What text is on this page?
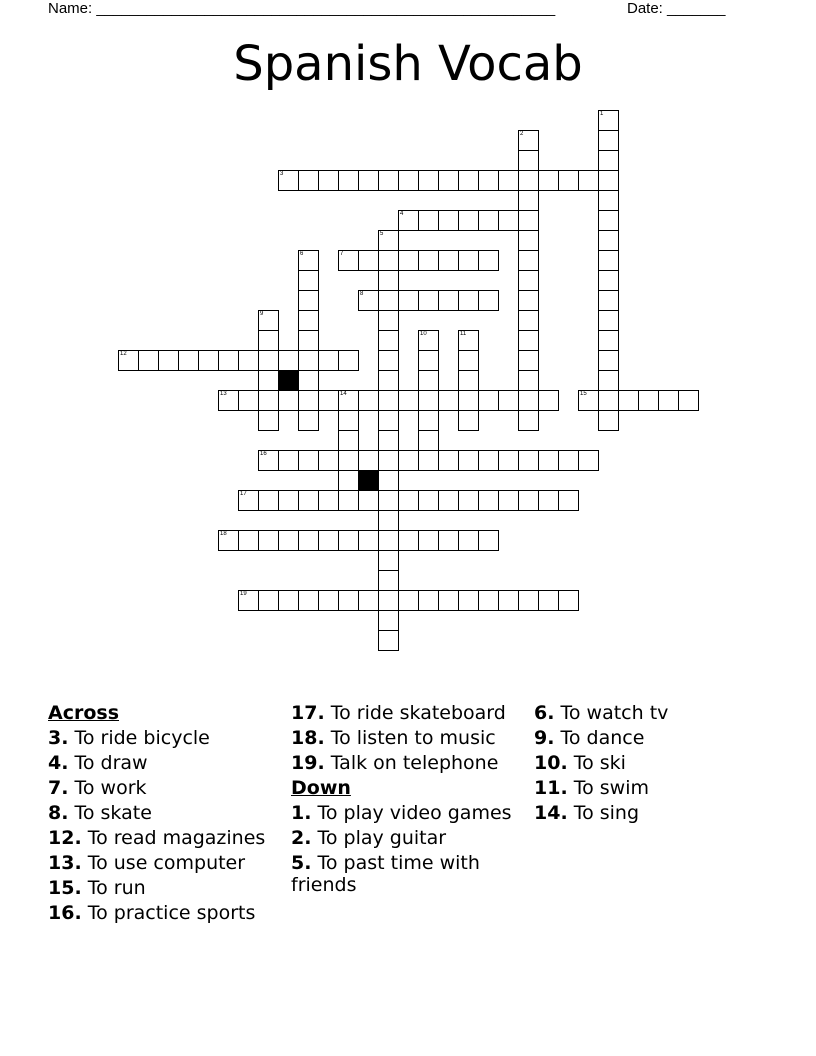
Name: _______________________________________________________	Date: _______
Spanish Vocab
1
2
3
4
5
6	7
8
9
10	11
12
13	14	15
16
17
18
19
Across
3. To ride bicycle
4. To draw
7. To work
8. To skate
12. To read magazines
13. To use computer
15. To run
16. To practice sports
17. To ride skateboard
18. To listen to music
19. Talk on telephone
Down
1. To play video games
2. To play guitar
5. To past time with friends
6. To watch tv
9. To dance
10. To ski
11. To swim
14. To sing
